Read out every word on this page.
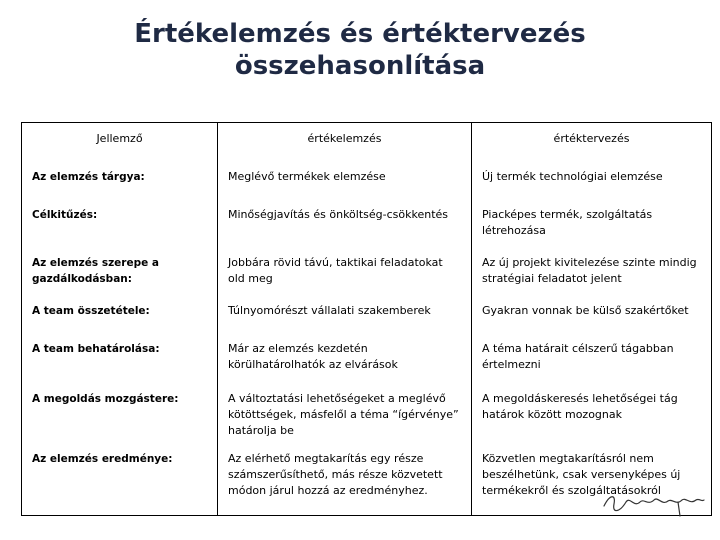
Értékelemzés és értéktervezés
összehasonlítása
Jellemző	értékelemzés	értéktervezés
Az elemzés tárgya:	Meglévő termékek elemzése	Új termék technológiai elemzése
Célkitűzés:	Minőségjavítás és önköltség-csökkentés	Piacképes termék, szolgáltatás létrehozása
Az elemzés szerepe a gazdálkodásban:	Jobbára rövid távú, taktikai feladatokat old meg	Az új projekt kivitelezése szinte mindig stratégiai feladatot jelent
A team összetétele:	Túlnyomórészt vállalati szakemberek	Gyakran vonnak be külső szakértőket
A team behatárolása:	Már az elemzés kezdetén körülhatárolhatók az elvárások	A téma határait célszerű tágabban értelmezni
A megoldás mozgástere:	A változtatási lehetőségeket a meglévő kötöttségek, másfelől a téma “ígérvénye” határolja be	A megoldáskeresés lehetőségei tág határok között mozognak
Az elemzés eredménye:	Az elérhető megtakarítás egy része számszerűsíthető, más része közvetett módon járul hozzá az eredményhez.	Közvetlen megtakarításról nem beszélhetünk, csak versenyképes új termékekről és szolgáltatásokról
